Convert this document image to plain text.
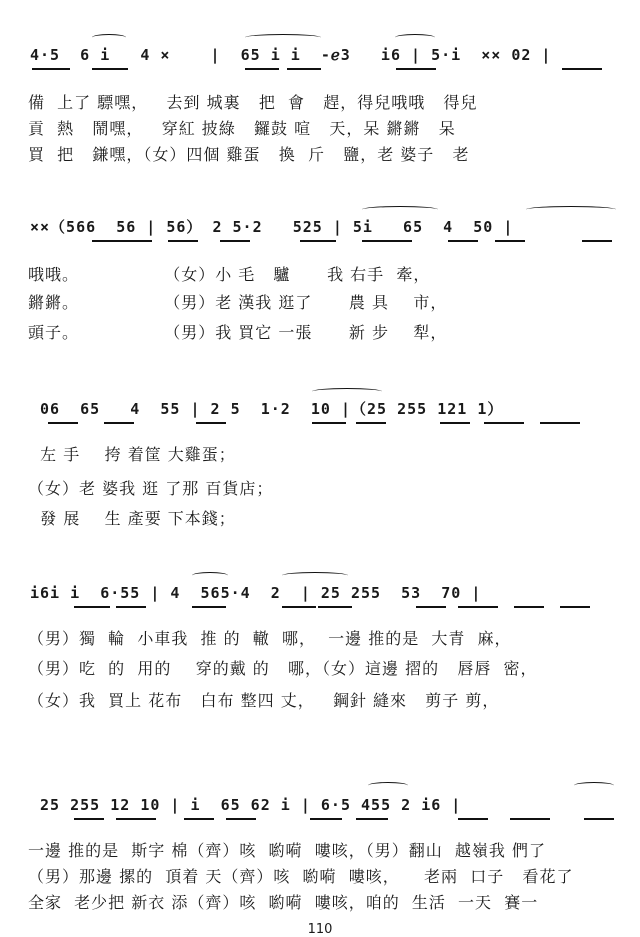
4·5  6 i   4 ×    |  65 i i  -ℯ3   i6 | 5·i  ×× 02 |
備  上了 驃嘿，   去到 城裏   把  會   趕，得兒哦哦   得兒
貢  熱   鬧嘿，   穿紅 披綠   鑼鼓 喧   天，呆 鏘鏘   呆
買  把   鎌嘿，（女）四個 雞蛋   換  斤   鹽，老 婆子   老
××（566  56 | 56） 2 5·2   525 | 5i   65  4  50 |
哦哦。              （女）小 毛   驢      我 右手  牽，
鏘鏘。              （男）老 漢我 逛了      農 具    市，
頭子。              （男）我 買它 一張      新 步    犁，
06  65   4  55 | 2 5  1·2  10 |（25 255 121 1）
左 手    挎 着筐 大雞蛋；
（女）老 婆我 逛 了那 百貨店；
發 展    生 產要 下本錢；
i6i i  6·55 | 4  565·4  2  | 25 255  53  70 |
（男）獨  輪  小車我  推 的  轍  哪，  一邊 推的是  大青  麻，
（男）吃  的  用的    穿的戴 的   哪，（女）這邊 摺的   唇唇  密，
（女）我  買上 花布   白布 整四 丈，   鋼針 縫來   剪子 剪，
25 255 12 10 | i  65 62 i | 6·5 455 2 i6 |
一邊 推的是  斯字 棉（齊）咳  喲嗬  嘍咳，（男）翻山  越嶺我 們了
（男）那邊 摞的  頂着 天（齊）咳  喲嗬  嘍咳，    老兩  口子   看花了
全家  老少把 新衣 添（齊）咳  喲嗬  嘍咳，咱的  生活  一天  賽一
110
